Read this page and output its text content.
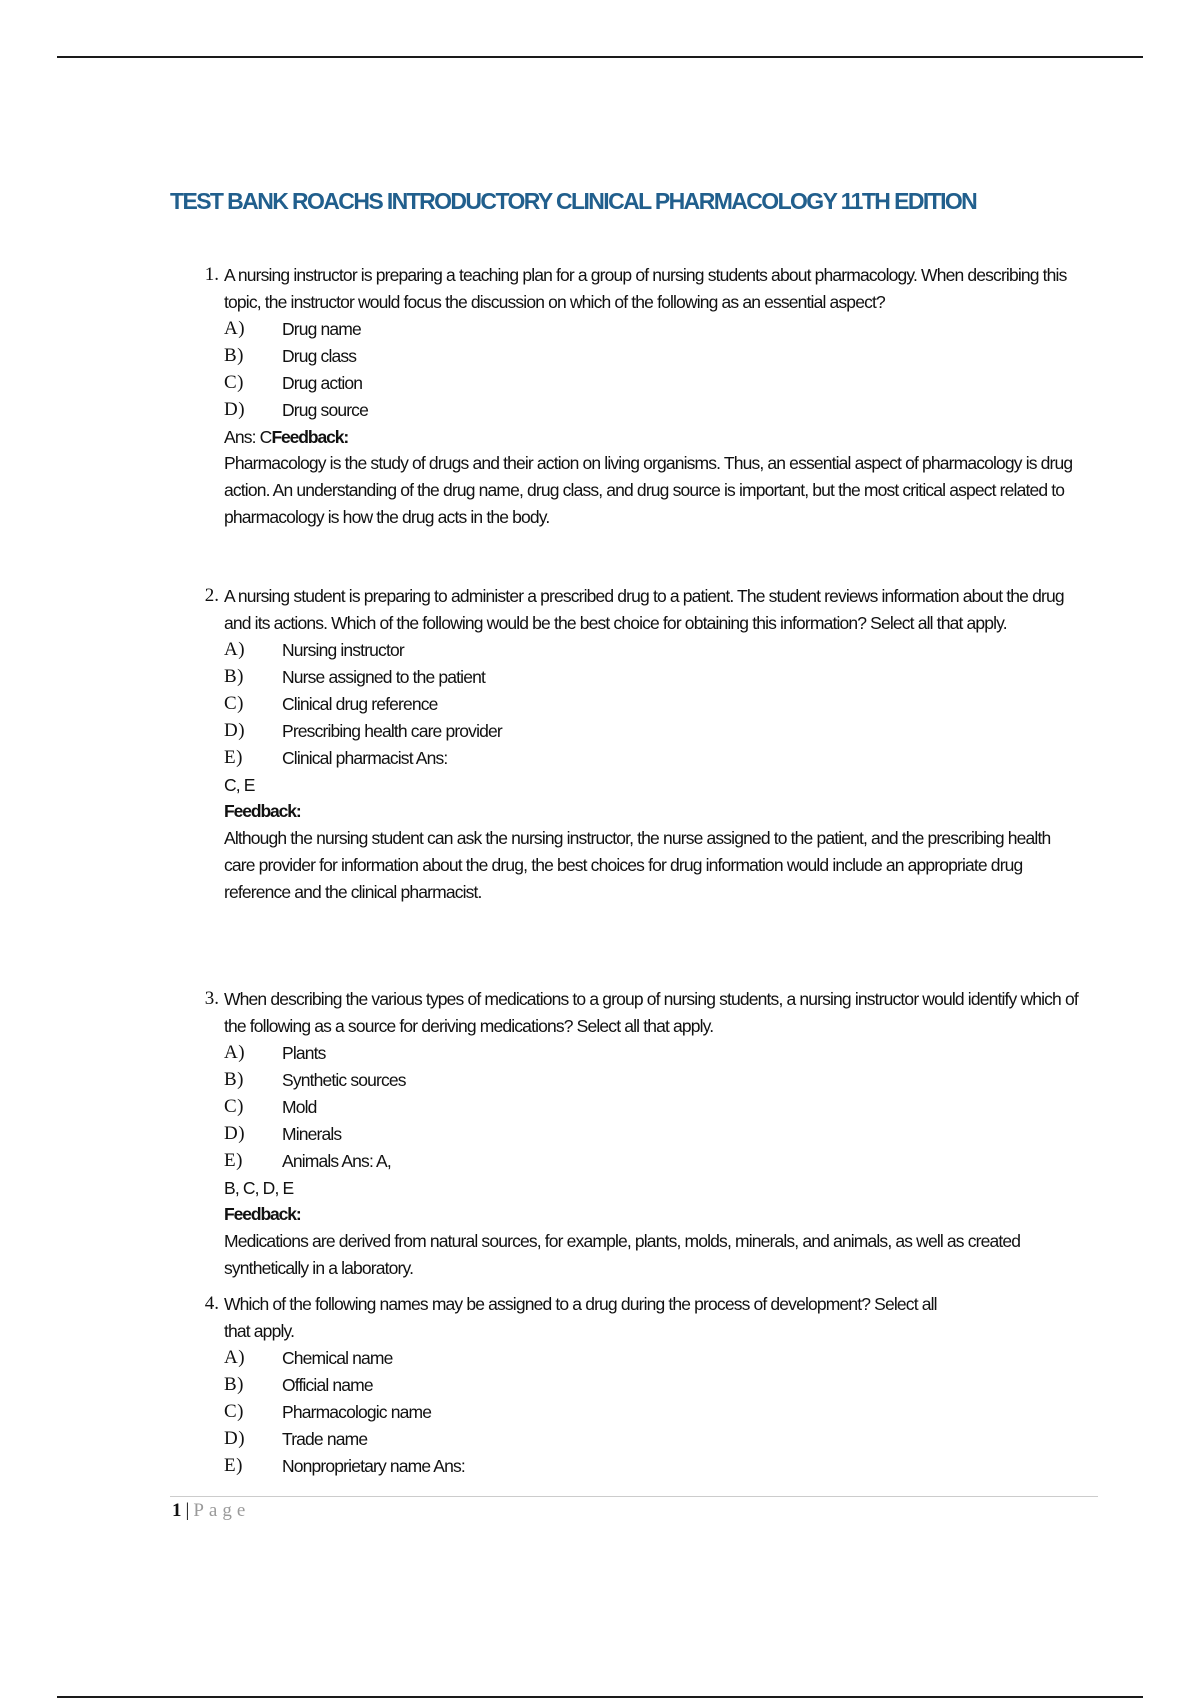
TEST BANK ROACHS INTRODUCTORY CLINICAL PHARMACOLOGY 11TH EDITION
1. A nursing instructor is preparing a teaching plan for a group of nursing students about pharmacology. When describing this topic, the instructor would focus the discussion on which of the following as an essential aspect?
A) Drug name
B) Drug class
C) Drug action
D) Drug source
Ans: CFeedback:
Pharmacology is the study of drugs and their action on living organisms. Thus, an essential aspect of pharmacology is drug action. An understanding of the drug name, drug class, and drug source is important, but the most critical aspect related to pharmacology is how the drug acts in the body.
2. A nursing student is preparing to administer a prescribed drug to a patient. The student reviews information about the drug and its actions. Which of the following would be the best choice for obtaining this information? Select all that apply.
A) Nursing instructor
B) Nurse assigned to the patient
C) Clinical drug reference
D) Prescribing health care provider
E) Clinical pharmacist Ans:
C, E
Feedback:
Although the nursing student can ask the nursing instructor, the nurse assigned to the patient, and the prescribing health care provider for information about the drug, the best choices for drug information would include an appropriate drug reference and the clinical pharmacist.
3. When describing the various types of medications to a group of nursing students, a nursing instructor would identify which of the following as a source for deriving medications? Select all that apply.
A) Plants
B) Synthetic sources
C) Mold
D) Minerals
E) Animals Ans: A,
B, C, D, E
Feedback:
Medications are derived from natural sources, for example, plants, molds, minerals, and animals, as well as created synthetically in a laboratory.
4. Which of the following names may be assigned to a drug during the process of development? Select all
that apply.
A) Chemical name
B) Official name
C) Pharmacologic name
D) Trade name
E) Nonproprietary name Ans:
1 | Page
